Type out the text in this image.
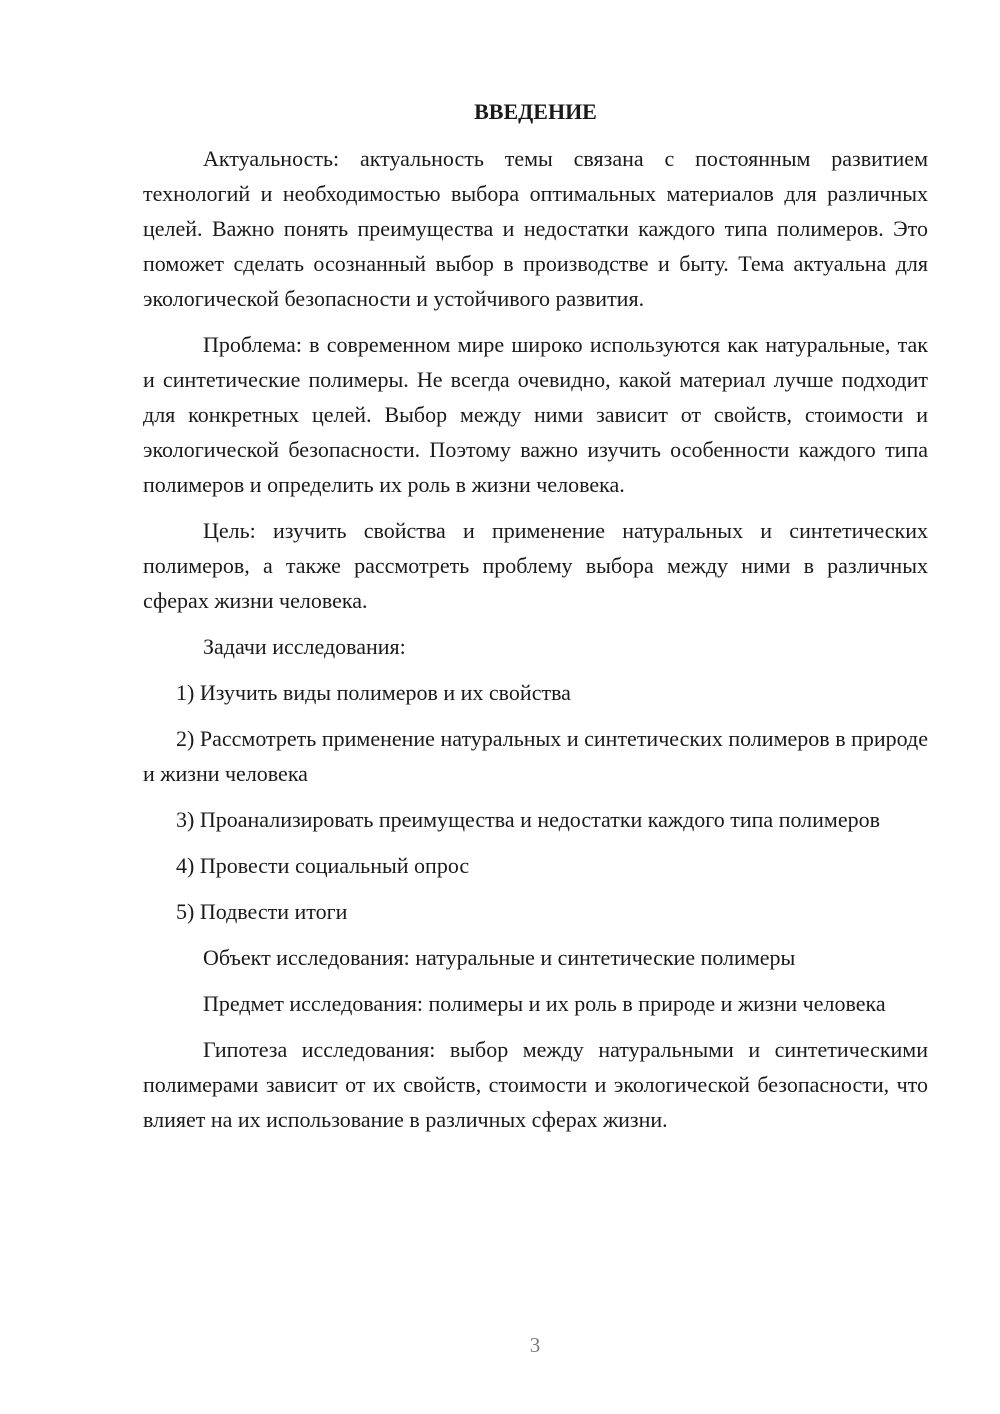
ВВЕДЕНИЕ

Актуальность: актуальность темы связана с постоянным развитием технологий и необходимостью выбора оптимальных материалов для различных целей. Важно понять преимущества и недостатки каждого типа полимеров. Это поможет сделать осознанный выбор в производстве и быту. Тема актуальна для экологической безопасности и устойчивого развития.

Проблема: в современном мире широко используются как натуральные, так и синтетические полимеры. Не всегда очевидно, какой материал лучше подходит для конкретных целей. Выбор между ними зависит от свойств, стоимости и экологической безопасности. Поэтому важно изучить особенности каждого типа полимеров и определить их роль в жизни человека.

Цель: изучить свойства и применение натуральных и синтетических полимеров, а также рассмотреть проблему выбора между ними в различных сферах жизни человека.

Задачи исследования:

1) Изучить виды полимеров и их свойства

2) Рассмотреть применение натуральных и синтетических полимеров в природе и жизни человека

3) Проанализировать преимущества и недостатки каждого типа полимеров

4) Провести социальный опрос

5) Подвести итоги

Объект исследования: натуральные и синтетические полимеры

Предмет исследования: полимеры и их роль в природе и жизни человека

Гипотеза исследования: выбор между натуральными и синтетическими полимерами зависит от их свойств, стоимости и экологической безопасности, что влияет на их использование в различных сферах жизни.

3
